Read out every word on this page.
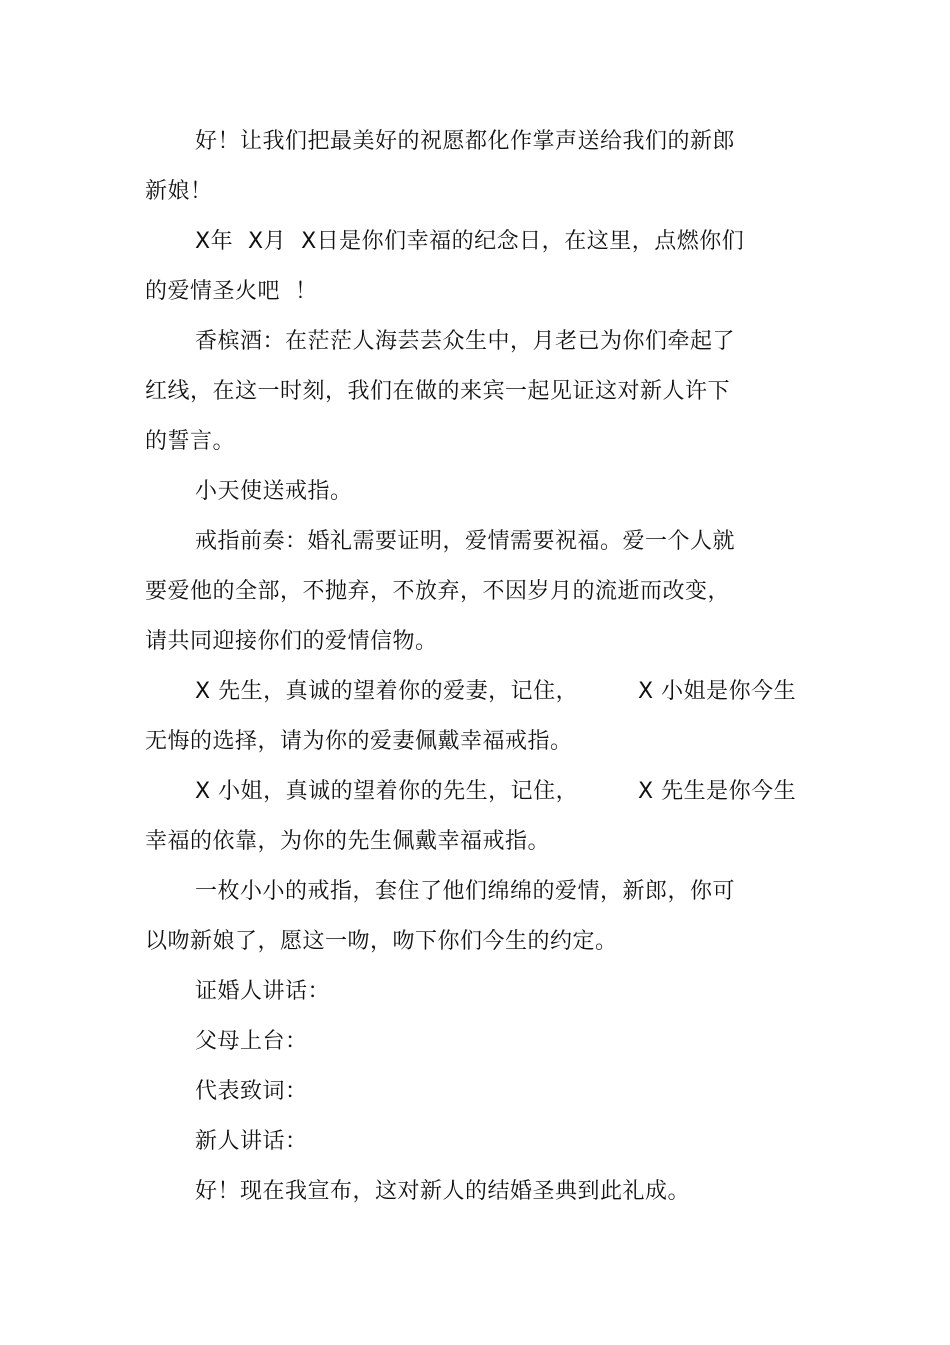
好！让我们把最美好的祝愿都化作掌声送给我们的新郎
新娘！
X年  X月  X日是你们幸福的纪念日，在这里，点燃你们
的爱情圣火吧  ！
香槟酒：在茫茫人海芸芸众生中，月老已为你们牵起了
红线，在这一时刻，我们在做的来宾一起见证这对新人许下
的誓言。
小天使送戒指。
戒指前奏：婚礼需要证明，爱情需要祝福。爱一个人就
要爱他的全部，不抛弃，不放弃，不因岁月的流逝而改变，
请共同迎接你们的爱情信物。
X 先生，真诚的望着你的爱妻，记住，        X 小姐是你今生
无悔的选择，请为你的爱妻佩戴幸福戒指。
X 小姐，真诚的望着你的先生，记住，        X 先生是你今生
幸福的依靠，为你的先生佩戴幸福戒指。
一枚小小的戒指，套住了他们绵绵的爱情，新郎，你可
以吻新娘了，愿这一吻，吻下你们今生的约定。
证婚人讲话：
父母上台：
代表致词：
新人讲话：
好！现在我宣布，这对新人的结婚圣典到此礼成。
